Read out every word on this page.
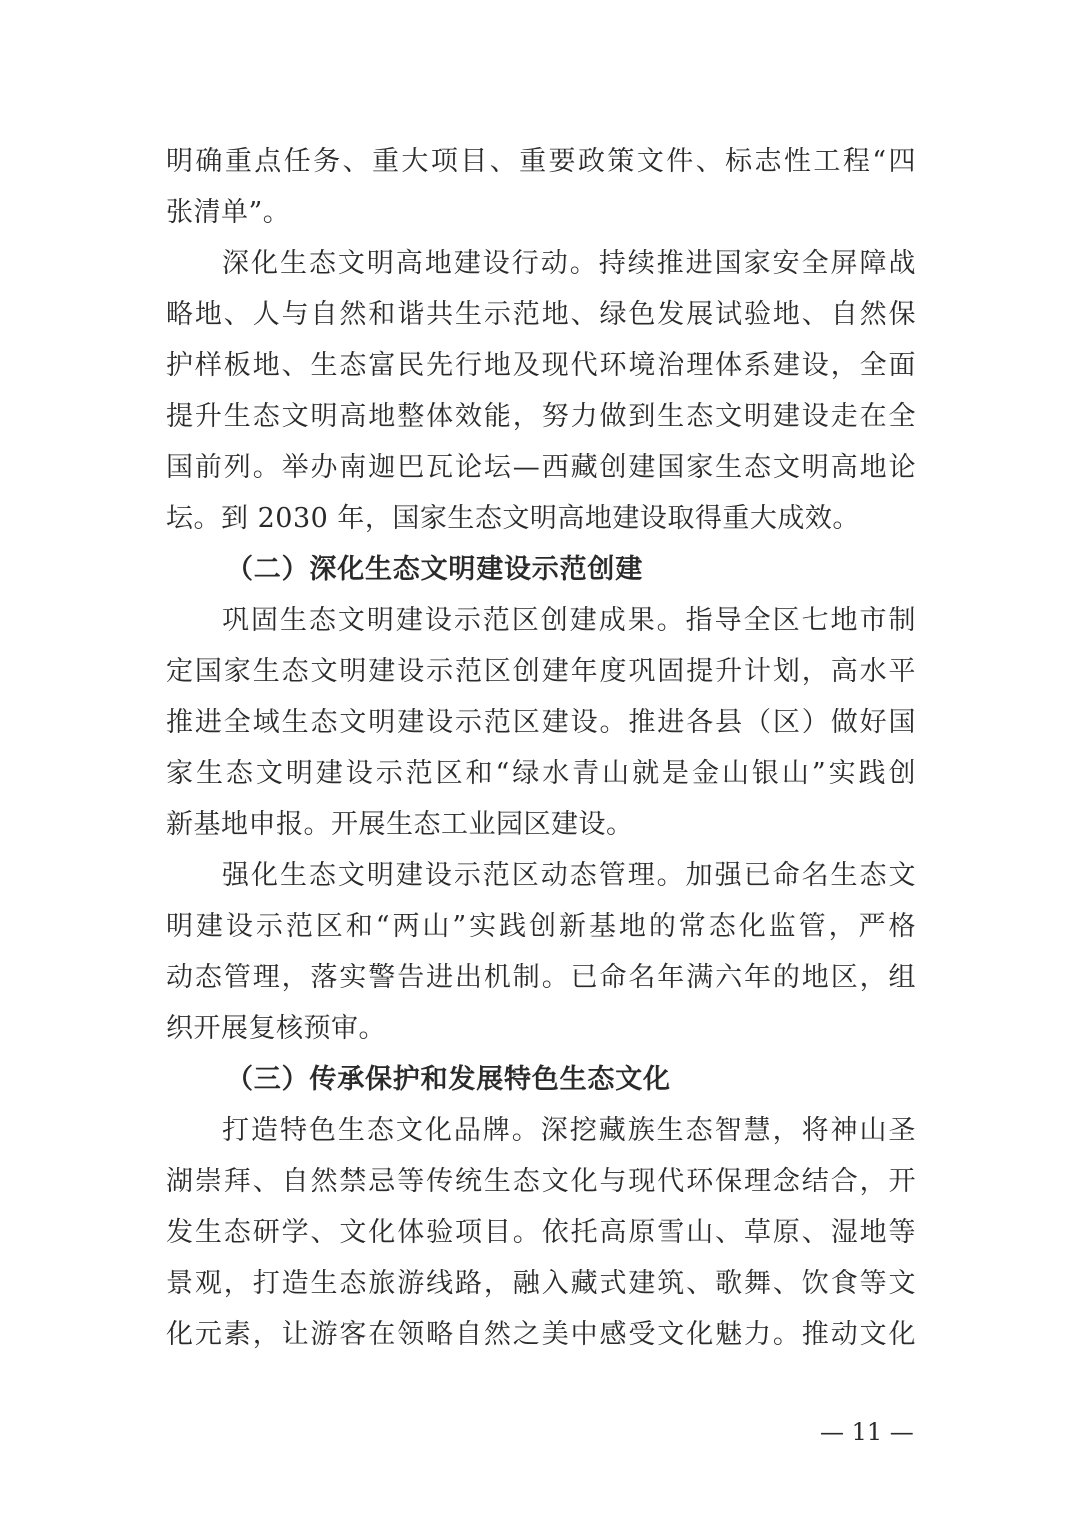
明确重点任务、重大项目、重要政策文件、标志性工程“四
张清单”。
深化生态文明高地建设行动。持续推进国家安全屏障战
略地、人与自然和谐共生示范地、绿色发展试验地、自然保
护样板地、生态富民先行地及现代环境治理体系建设，全面
提升生态文明高地整体效能，努力做到生态文明建设走在全
国前列。举办南迦巴瓦论坛—西藏创建国家生态文明高地论
坛。到 2030 年，国家生态文明高地建设取得重大成效。
（二）深化生态文明建设示范创建
巩固生态文明建设示范区创建成果。指导全区七地市制
定国家生态文明建设示范区创建年度巩固提升计划，高水平
推进全域生态文明建设示范区建设。推进各县（区）做好国
家生态文明建设示范区和“绿水青山就是金山银山”实践创
新基地申报。开展生态工业园区建设。
强化生态文明建设示范区动态管理。加强已命名生态文
明建设示范区和“两山”实践创新基地的常态化监管，严格
动态管理，落实警告进出机制。已命名年满六年的地区，组
织开展复核预审。
（三）传承保护和发展特色生态文化
打造特色生态文化品牌。深挖藏族生态智慧，将神山圣
湖崇拜、自然禁忌等传统生态文化与现代环保理念结合，开
发生态研学、文化体验项目。依托高原雪山、草原、湿地等
景观，打造生态旅游线路，融入藏式建筑、歌舞、饮食等文
化元素，让游客在领略自然之美中感受文化魅力。推动文化
— 11 —
